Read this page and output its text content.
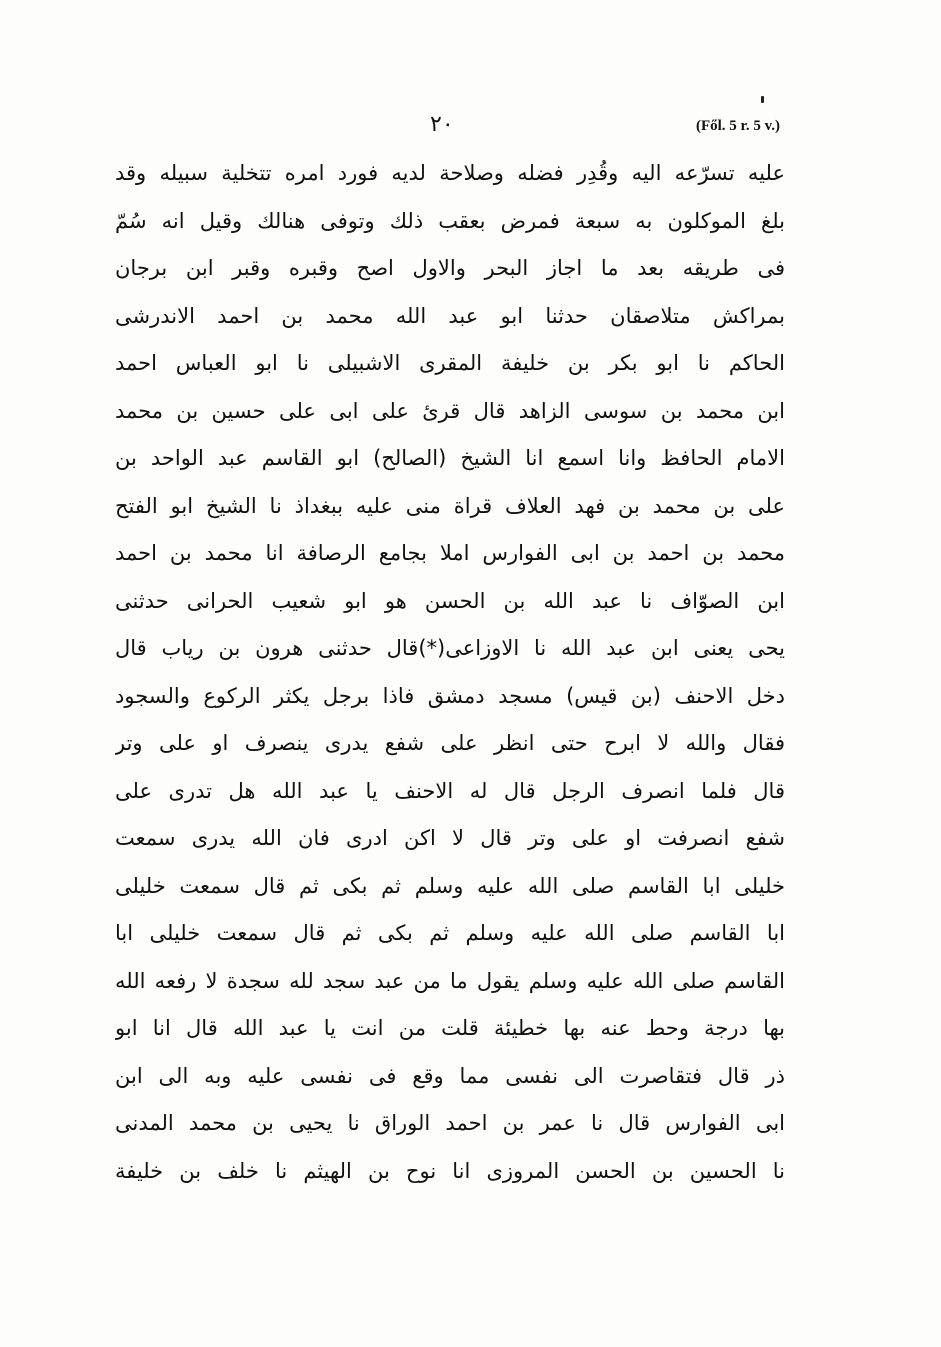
٢٠	(Fől. 5 r. 5 v.)
عليه تسرّعه اليه وقُدِر فضله وصلاحة لديه فورد امره تتخلية سبيله وقد
بلغ الموكلون به سبعة فمرض بعقب ذلك وتوفى هنالك وقيل انه سُمّ
فى طريقه بعد ما اجاز البحر والاول اصح وقبره وقبر ابن برجان
بمراكش متلاصقان حدثنا ابو عبد الله محمد بن احمد الاندرشى
الحاكم نا ابو بكر بن خليفة المقرى الاشبيلى نا ابو العباس احمد
ابن محمد بن سوسى الزاهد قال قرئ على ابى على حسين بن محمد
الامام الحافظ وانا اسمع انا الشيخ (الصالح) ابو القاسم عبد الواحد بن
على بن محمد بن فهد العلاف قراة منى عليه ببغداذ نا الشيخ ابو الفتح
محمد بن احمد بن ابى الفوارس املا بجامع الرصافة انا محمد بن احمد
ابن الصوّاف نا عبد الله بن الحسن هو ابو شعيب الحرانى حدثنى
يحى يعنى ابن عبد الله نا الاوزاعى(*)قال حدثنى هرون بن رياب قال
دخل الاحنف (بن قيس) مسجد دمشق فاذا برجل يكثر الركوع والسجود
فقال والله لا ابرح حتى انظر على شفع يدرى ينصرف او على وتر
قال فلما انصرف الرجل قال له الاحنف يا عبد الله هل تدرى على
شفع انصرفت او على وتر قال لا اكن ادرى فان الله يدرى سمعت
خليلى ابا القاسم صلى الله عليه وسلم ثم بكى ثم قال سمعت خليلى
ابا القاسم صلى الله عليه وسلم ثم بكى ثم قال سمعت خليلى ابا
القاسم صلى الله عليه وسلم يقول ما من عبد سجد لله سجدة لا رفعه الله
بها درجة وحط عنه بها خطيئة قلت من انت يا عبد الله قال انا ابو
ذر قال فتقاصرت الى نفسى مما وقع فى نفسى عليه وبه الى ابن
ابى الفوارس قال نا عمر بن احمد الوراق نا يحيى بن محمد المدنى
نا الحسين بن الحسن المروزى انا نوح بن الهيثم نا خلف بن خليفة
